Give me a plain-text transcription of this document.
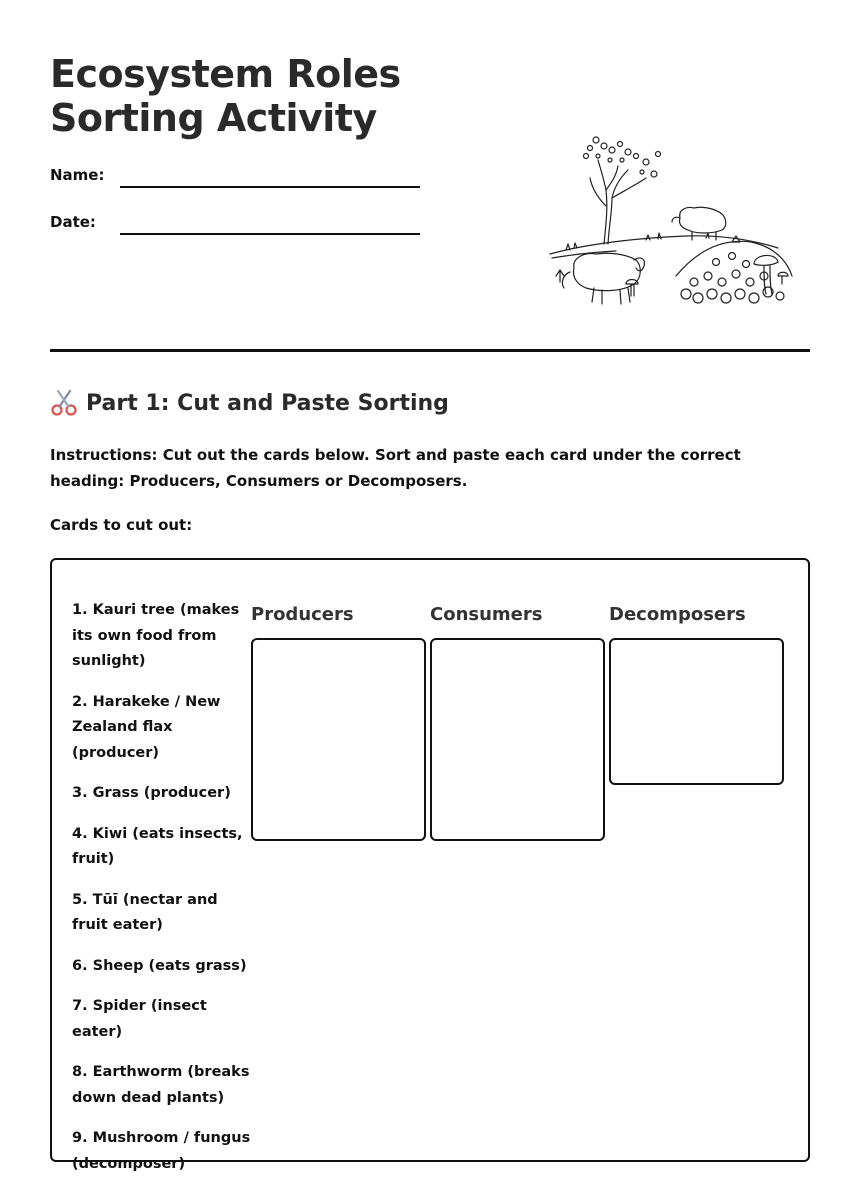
Ecosystem Roles Sorting Activity
Name:
Date:
Part 1: Cut and Paste Sorting

Instructions: Cut out the cards below. Sort and paste each card under the correct heading: Producers, Consumers or Decomposers.

Cards to cut out:
1. Kauri tree (makes its own food from sunlight)
2. Harakeke / New Zealand flax (producer)
3. Grass (producer)
4. Kiwi (eats insects, fruit)
5. Tūī (nectar and fruit eater)
6. Sheep (eats grass)
7. Spider (insect eater)
8. Earthworm (breaks down dead plants)
9. Mushroom / fungus (decomposer)
Producers	Consumers	Decomposers
